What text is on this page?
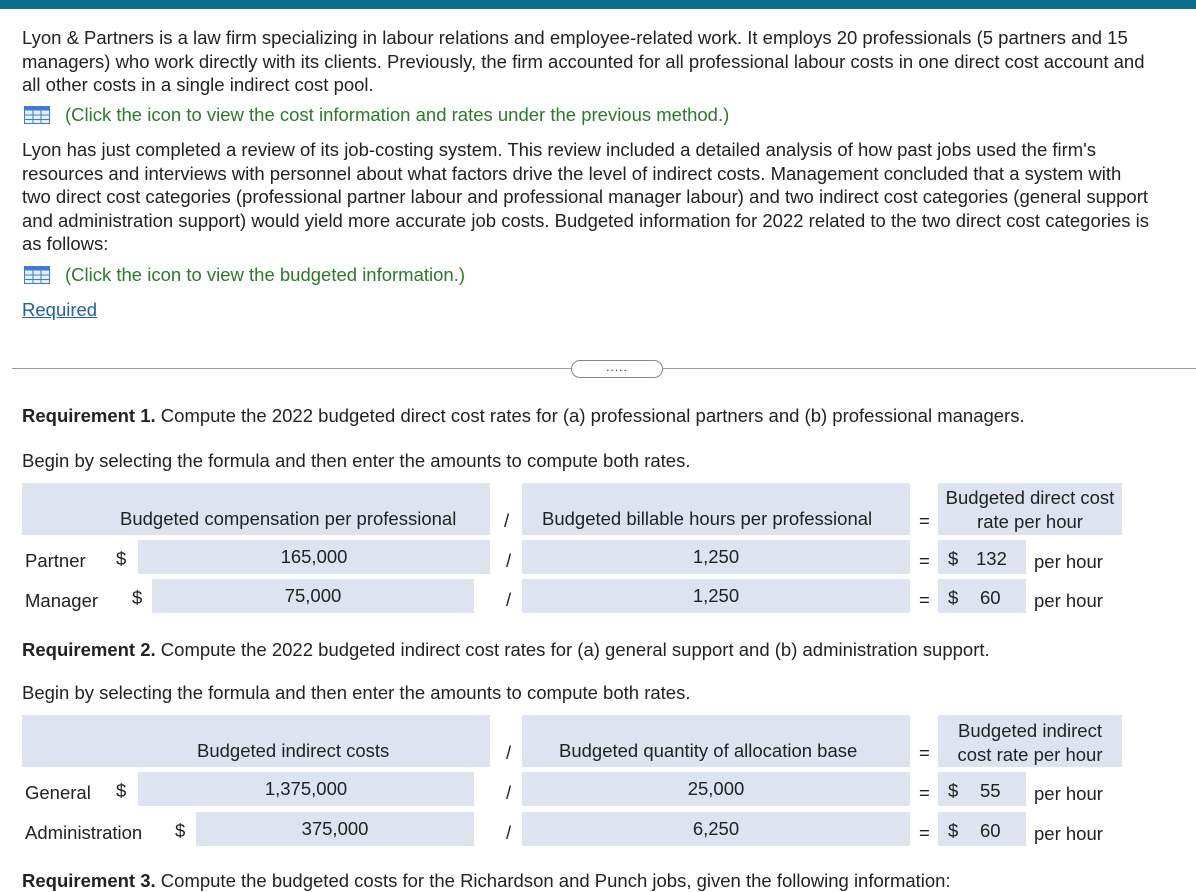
Lyon & Partners is a law firm specializing in labour relations and employee-related work. It employs 20 professionals (5 partners and 15
managers) who work directly with its clients. Previously, the firm accounted for all professional labour costs in one direct cost account and
all other costs in a single indirect cost pool.
(Click the icon to view the cost information and rates under the previous method.)
Lyon has just completed a review of its job-costing system. This review included a detailed analysis of how past jobs used the firm's
resources and interviews with personnel about what factors drive the level of indirect costs. Management concluded that a system with
two direct cost categories (professional partner labour and professional manager labour) and two indirect cost categories (general support
and administration support) would yield more accurate job costs. Budgeted information for 2022 related to the two direct cost categories is
as follows:
(Click the icon to view the budgeted information.)
Required
.....
Requirement 1. Compute the 2022 budgeted direct cost rates for (a) professional partners and (b) professional managers.
Begin by selecting the formula and then enter the amounts to compute both rates.
Budgeted compensation per professional	/ Budgeted billable hours per professional	=
Budgeted direct cost
rate per hour
Partner $	165,000	/	1,250	= $ 132 per hour
Manager $	75,000	/	1,250	= $ 60 per hour
Requirement 2. Compute the 2022 budgeted indirect cost rates for (a) general support and (b) administration support.
Begin by selecting the formula and then enter the amounts to compute both rates.
Budgeted indirect costs	/	Budgeted quantity of allocation base	=
Budgeted indirect
cost rate per hour
General $	1,375,000	/	25,000	= $ 55 per hour
Administration $	375,000	/	6,250	= $ 60 per hour
Requirement 3. Compute the budgeted costs for the Richardson and Punch jobs, given the following information:
